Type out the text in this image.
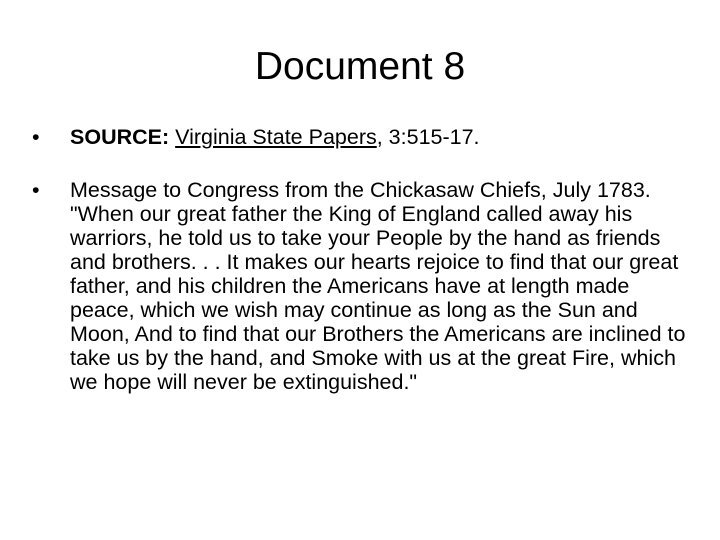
Document 8
•	SOURCE: Virginia State Papers, 3:515-17.
•	Message to Congress from the Chickasaw Chiefs, July 1783. "When our great father the King of England called away his warriors, he told us to take your People by the hand as friends and brothers. . . It makes our hearts rejoice to find that our great father, and his children the Americans have at length made peace, which we wish may continue as long as the Sun and Moon, And to find that our Brothers the Americans are inclined to take us by the hand, and Smoke with us at the great Fire, which we hope will never be extinguished."
